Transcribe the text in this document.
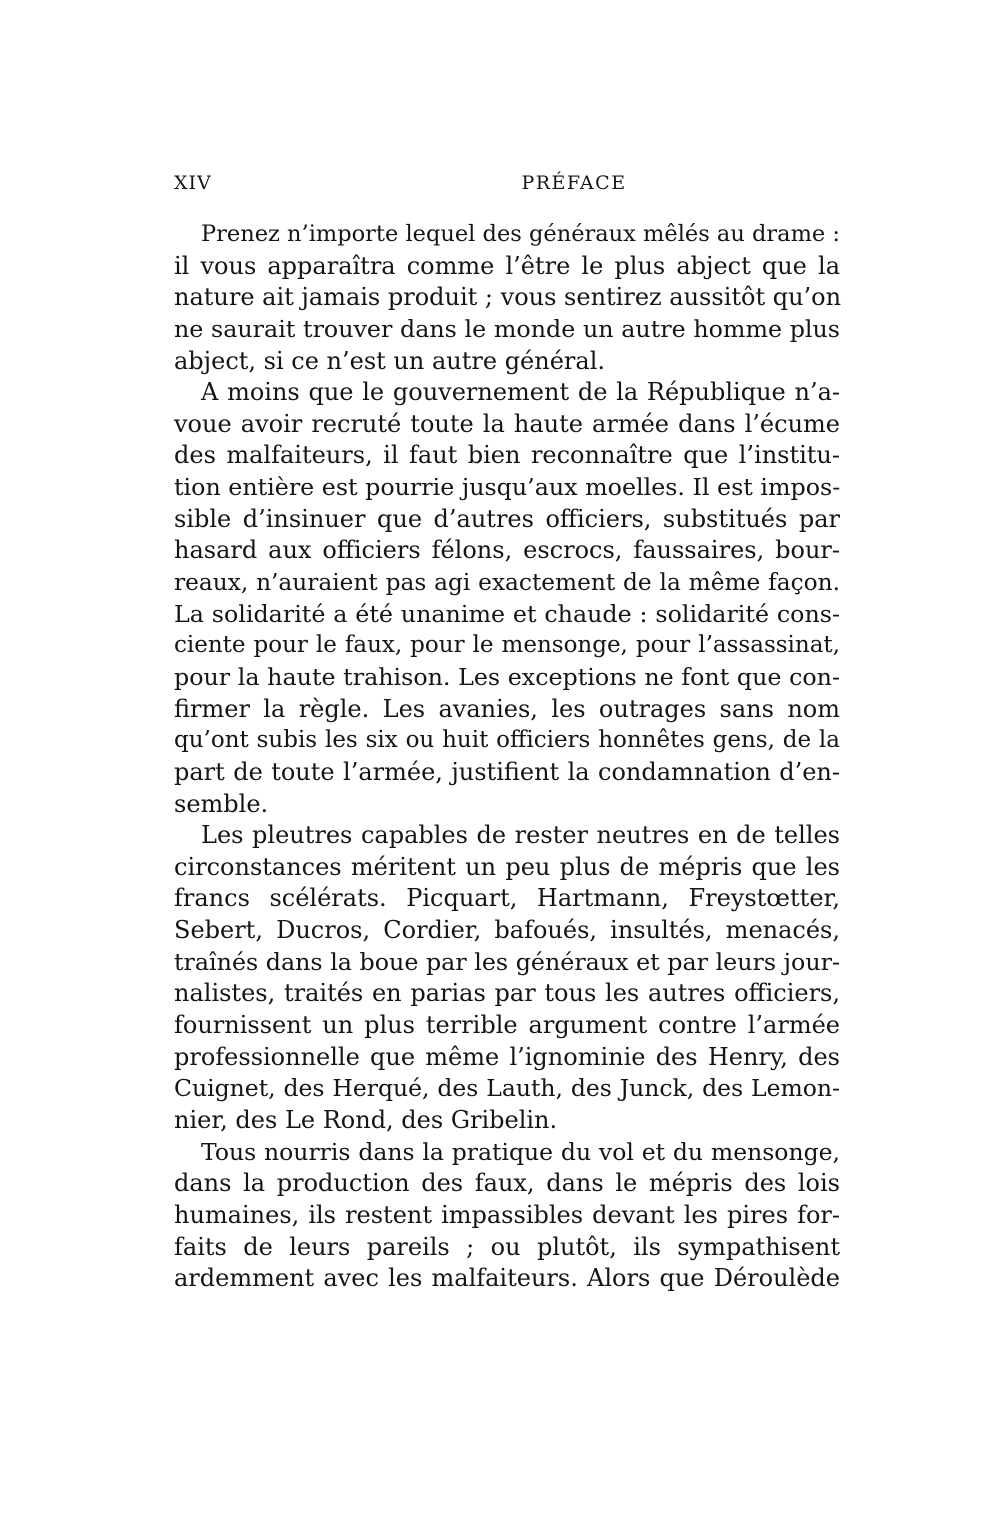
XIV	PRÉFACE
Prenez n’importe lequel des généraux mêlés au drame :
il vous apparaîtra comme l’être le plus abject que la
nature ait jamais produit ; vous sentirez aussitôt qu’on
ne saurait trouver dans le monde un autre homme plus
abject, si ce n’est un autre général.
A moins que le gouvernement de la République n’a-
voue avoir recruté toute la haute armée dans l’écume
des malfaiteurs, il faut bien reconnaître que l’institu-
tion entière est pourrie jusqu’aux moelles. Il est impos-
sible d’insinuer que d’autres officiers, substitués par
hasard aux officiers félons, escrocs, faussaires, bour-
reaux, n’auraient pas agi exactement de la même façon.
La solidarité a été unanime et chaude : solidarité cons-
ciente pour le faux, pour le mensonge, pour l’assassinat,
pour la haute trahison. Les exceptions ne font que con-
firmer la règle. Les avanies, les outrages sans nom
qu’ont subis les six ou huit officiers honnêtes gens, de la
part de toute l’armée, justifient la condamnation d’en-
semble.
Les pleutres capables de rester neutres en de telles
circonstances méritent un peu plus de mépris que les
francs scélérats. Picquart, Hartmann, Freystœtter,
Sebert, Ducros, Cordier, bafoués, insultés, menacés,
traînés dans la boue par les généraux et par leurs jour-
nalistes, traités en parias par tous les autres officiers,
fournissent un plus terrible argument contre l’armée
professionnelle que même l’ignominie des Henry, des
Cuignet, des Herqué, des Lauth, des Junck, des Lemon-
nier, des Le Rond, des Gribelin.
Tous nourris dans la pratique du vol et du mensonge,
dans la production des faux, dans le mépris des lois
humaines, ils restent impassibles devant les pires for-
faits de leurs pareils ; ou plutôt, ils sympathisent
ardemment avec les malfaiteurs. Alors que Déroulède
